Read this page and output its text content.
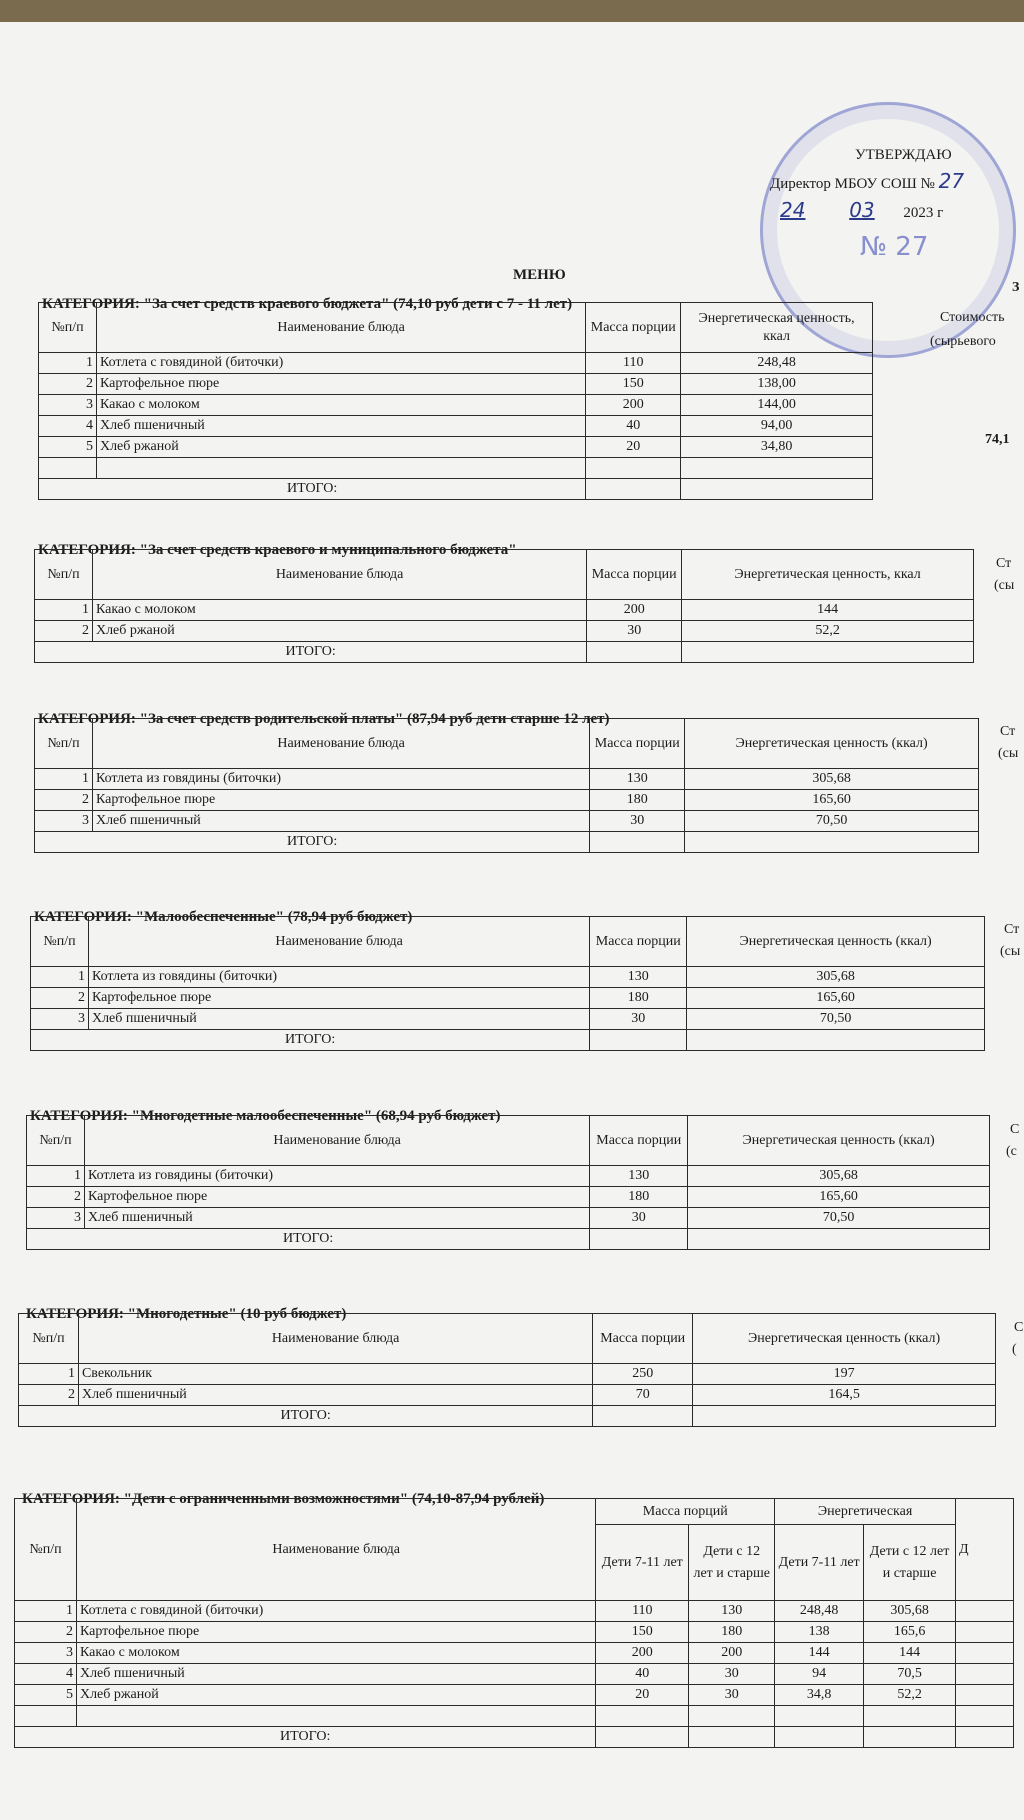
№ 27
УТВЕРЖДАЮ
Директор МБОУ СОШ № 27
24 03 2023 г
МЕНЮ
КАТЕГОРИЯ: "За счет средств краевого бюджета" (74,10 руб дети с 7 - 11 лет)
З
№п/п	Наименование блюда	Масса порции	Энергетическая ценность, ккал
1	Котлета с говядиной (биточки)	110	248,48
2	Картофельное пюре	150	138,00
3	Какао с молоком	200	144,00
4	Хлеб пшеничный	40	94,00
5	Хлеб ржаной	20	34,80

ИТОГО:			
Стоимость
(сырьевого
74,1
КАТЕГОРИЯ: "За счет средств краевого и муниципального бюджета"
№п/п	Наименование блюда	Масса порции	Энергетическая ценность, ккал
1	Какао с молоком	200	144
2	Хлеб ржаной	30	52,2
ИТОГО:			
Ст
(сы
КАТЕГОРИЯ: "За счет средств родительской платы" (87,94 руб дети старше 12 лет)
№п/п	Наименование блюда	Масса порции	Энергетическая ценность (ккал)
1	Котлета из говядины (биточки)	130	305,68
2	Картофельное пюре	180	165,60
3	Хлеб пшеничный	30	70,50
ИТОГО:			
Ст
(сы
КАТЕГОРИЯ: "Малообеспеченные" (78,94 руб бюджет)
№п/п	Наименование блюда	Масса порции	Энергетическая ценность (ккал)
1	Котлета из говядины (биточки)	130	305,68
2	Картофельное пюре	180	165,60
3	Хлеб пшеничный	30	70,50
ИТОГО:			
Ст
(сы
КАТЕГОРИЯ: "Многодетные малообеспеченные" (68,94 руб бюджет)
№п/п	Наименование блюда	Масса порции	Энергетическая ценность (ккал)
1	Котлета из говядины (биточки)	130	305,68
2	Картофельное пюре	180	165,60
3	Хлеб пшеничный	30	70,50
ИТОГО:			
С
(с
КАТЕГОРИЯ: "Многодетные" (10 руб бюджет)
№п/п	Наименование блюда	Масса порции	Энергетическая ценность (ккал)
1	Свекольник	250	197
2	Хлеб пшеничный	70	164,5
ИТОГО:			
С
(
КАТЕГОРИЯ: "Дети с ограниченными возможностями" (74,10-87,94 рублей)
№п/п	Наименование блюда	Масса порций		Энергетическая		Д
		Дети 7-11 лет	Дети с 12 лет и старше	Дети 7-11 лет	Дети с 12 лет и старше	
1	Котлета с говядиной (биточки)	110	130	248,48	305,68	
2	Картофельное пюре	150	180	138	165,6	
3	Какао с молоком	200	200	144	144	
4	Хлеб пшеничный	40	30	94	70,5	
5	Хлеб ржаной	20	30	34,8	52,2	

ИТОГО:						
